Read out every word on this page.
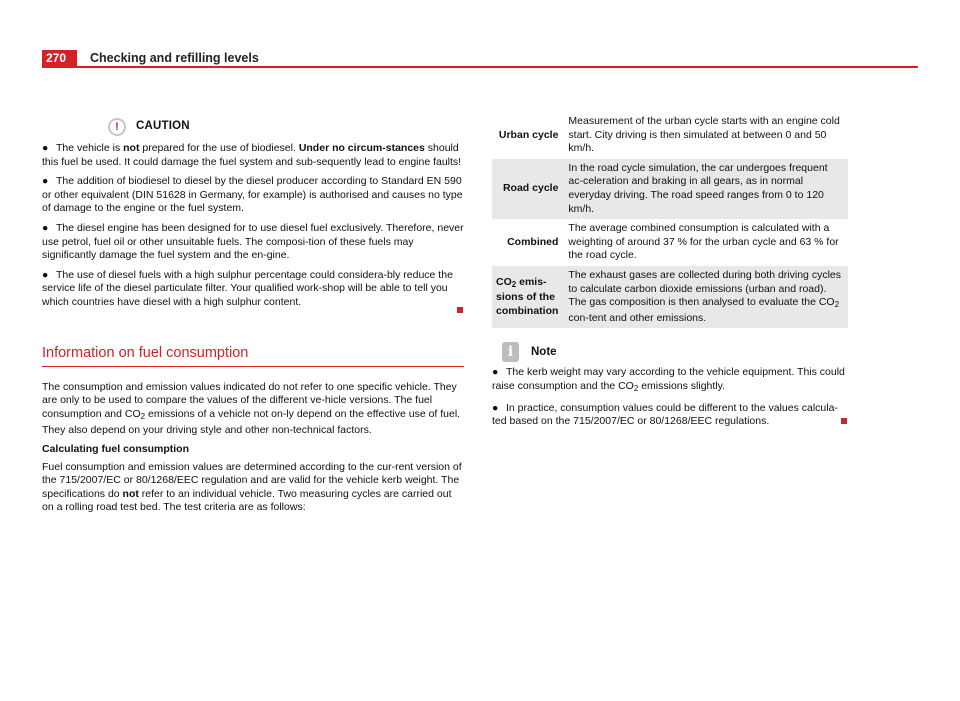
270	Checking and refilling levels
!	CAUTION
● The vehicle is not prepared for the use of biodiesel. Under no circum-stances should this fuel be used. It could damage the fuel system and sub-sequently lead to engine faults!
● The addition of biodiesel to diesel by the diesel producer according to Standard EN 590 or other equivalent (DIN 51628 in Germany, for example) is authorised and causes no type of damage to the engine or the fuel system.
● The diesel engine has been designed for to use diesel fuel exclusively. Therefore, never use petrol, fuel oil or other unsuitable fuels. The composi-tion of these fuels may significantly damage the fuel system and the en-gine.
● The use of diesel fuels with a high sulphur percentage could considera-bly reduce the service life of the diesel particulate filter. Your qualified work-shop will be able to tell you which countries have diesel with a high sulphur content.
Information on fuel consumption
The consumption and emission values indicated do not refer to one specific vehicle. They are only to be used to compare the values of the different ve-hicle versions. The fuel consumption and $CO_2$ emissions of a vehicle not on-ly depend on the effective use of fuel. They also depend on your driving style and other non-technical factors.
Calculating fuel consumption
Fuel consumption and emission values are determined according to the cur-rent version of the 715/2007/EC or 80/1268/EEC regulation and are valid for the vehicle kerb weight. The specifications do not refer to an individual vehicle. Two measuring cycles are carried out on a rolling road test bed. The test criteria are as follows:
Urban cycle	Measurement of the urban cycle starts with an engine cold start. City driving is then simulated at between 0 and 50 km/h.
Road cycle	In the road cycle simulation, the car undergoes frequent ac-celeration and braking in all gears, as in normal everyday driving. The road speed ranges from 0 to 120 km/h.
Combined	The average combined consumption is calculated with a weighting of around 37 % for the urban cycle and 63 % for the road cycle.
$CO_2$ emis-sions of the combination	The exhaust gases are collected during both driving cycles to calculate carbon dioxide emissions (urban and road). The gas composition is then analysed to evaluate the $CO_2$ con-tent and other emissions.
i Note
● The kerb weight may vary according to the vehicle equipment. This could raise consumption and the $CO_2$ emissions slightly.
● In practice, consumption values could be different to the values calcula-ted based on the 715/2007/EC or 80/1268/EEC regulations.
